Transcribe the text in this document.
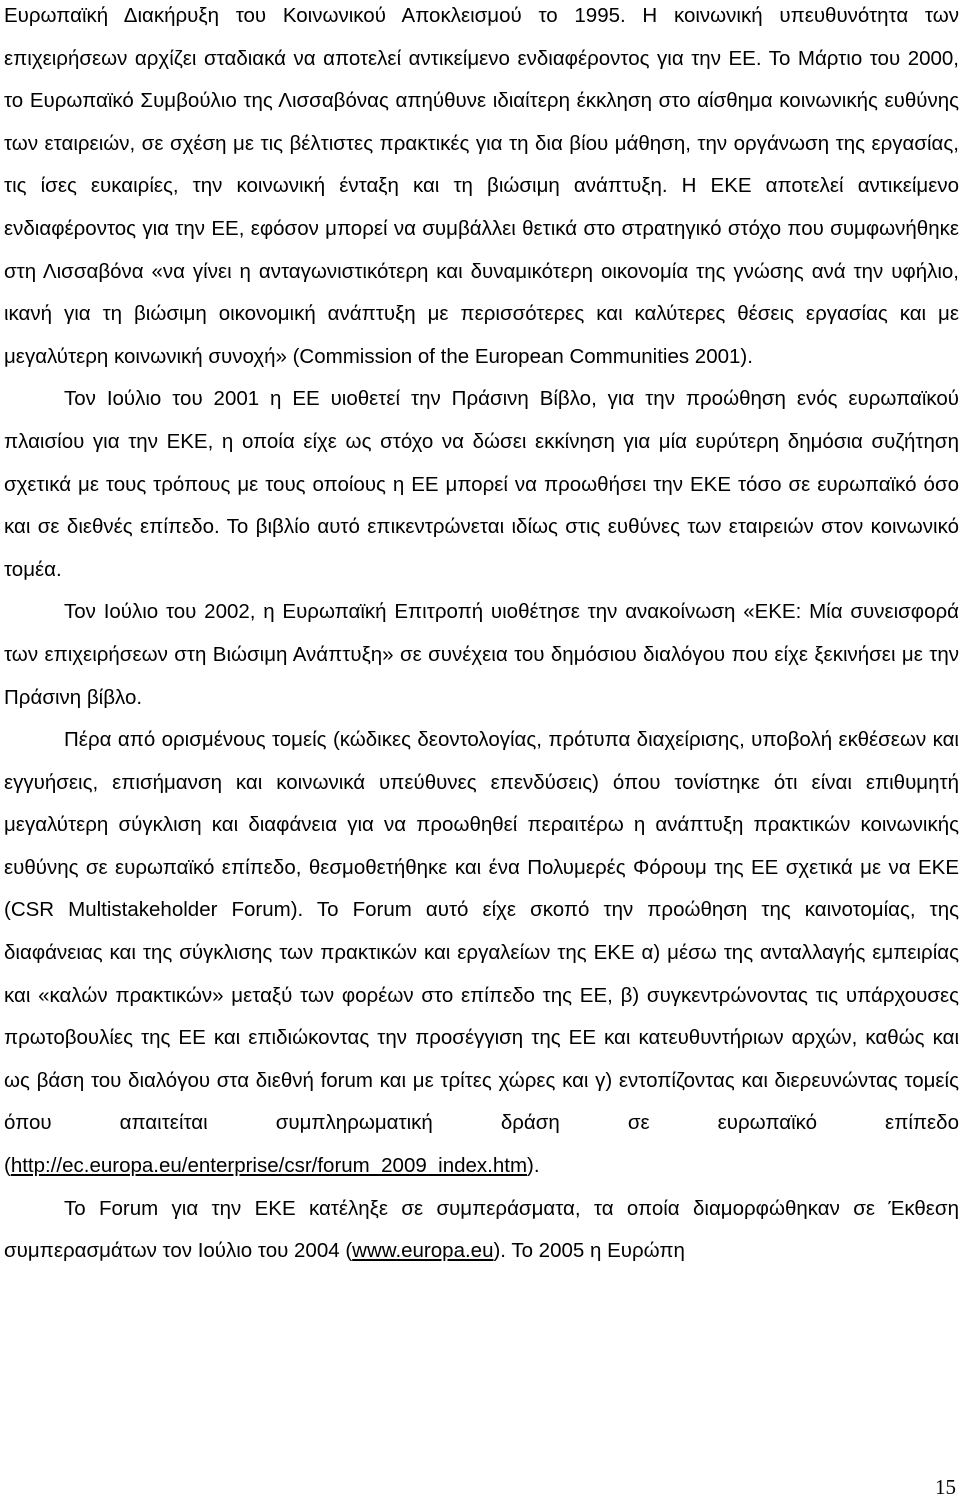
Ευρωπαϊκή Διακήρυξη του Κοινωνικού Αποκλεισμού το 1995. Η κοινωνική υπευθυνότητα των επιχειρήσεων αρχίζει σταδιακά να αποτελεί αντικείμενο ενδιαφέροντος για την ΕΕ. Το Μάρτιο του 2000, το Ευρωπαϊκό Συμβούλιο της Λισσαβόνας απηύθυνε ιδιαίτερη έκκληση στο αίσθημα κοινωνικής ευθύνης των εταιρειών, σε σχέση με τις βέλτιστες πρακτικές για τη δια βίου μάθηση, την οργάνωση της εργασίας, τις ίσες ευκαιρίες, την κοινωνική ένταξη και τη βιώσιμη ανάπτυξη. Η ΕΚΕ αποτελεί αντικείμενο ενδιαφέροντος για την ΕΕ, εφόσον μπορεί να συμβάλλει θετικά στο στρατηγικό στόχο που συμφωνήθηκε στη Λισσαβόνα «να γίνει η ανταγωνιστικότερη και δυναμικότερη οικονομία της γνώσης ανά την υφήλιο, ικανή για τη βιώσιμη οικονομική ανάπτυξη με περισσότερες και καλύτερες θέσεις εργασίας και με μεγαλύτερη κοινωνική συνοχή» (Commission of the European Communities 2001).

Τον Ιούλιο του 2001 η ΕΕ υιοθετεί την Πράσινη Βίβλο, για την προώθηση ενός ευρωπαϊκού πλαισίου για την ΕΚΕ, η οποία είχε ως στόχο να δώσει εκκίνηση για μία ευρύτερη δημόσια συζήτηση σχετικά με τους τρόπους με τους οποίους η ΕΕ μπορεί να προωθήσει την ΕΚΕ τόσο σε ευρωπαϊκό όσο και σε διεθνές επίπεδο. Το βιβλίο αυτό επικεντρώνεται ιδίως στις ευθύνες των εταιρειών στον κοινωνικό τομέα.

Τον Ιούλιο του 2002, η Ευρωπαϊκή Επιτροπή υιοθέτησε την ανακοίνωση «ΕΚΕ: Μία συνεισφορά των επιχειρήσεων στη Βιώσιμη Ανάπτυξη» σε συνέχεια του δημόσιου διαλόγου που είχε ξεκινήσει με την Πράσινη βίβλο.

Πέρα από ορισμένους τομείς (κώδικες δεοντολογίας, πρότυπα διαχείρισης, υποβολή εκθέσεων και εγγυήσεις, επισήμανση και κοινωνικά υπεύθυνες επενδύσεις) όπου τονίστηκε ότι είναι επιθυμητή μεγαλύτερη σύγκλιση και διαφάνεια για να προωθηθεί περαιτέρω η ανάπτυξη πρακτικών κοινωνικής ευθύνης σε ευρωπαϊκό επίπεδο, θεσμοθετήθηκε και ένα Πολυμερές Φόρουμ της ΕΕ σχετικά με να ΕΚΕ (CSR Multistakeholder Forum). Το Forum αυτό είχε σκοπό την προώθηση της καινοτομίας, της διαφάνειας και της σύγκλισης των πρακτικών και εργαλείων της ΕΚΕ α) μέσω της ανταλλαγής εμπειρίας και «καλών πρακτικών» μεταξύ των φορέων στο επίπεδο της ΕΕ, β) συγκεντρώνοντας τις υπάρχουσες πρωτοβουλίες της ΕΕ και επιδιώκοντας την προσέγγιση της ΕΕ και κατευθυντήριων αρχών, καθώς και ως βάση του διαλόγου στα διεθνή forum και με τρίτες χώρες και γ) εντοπίζοντας και διερευνώντας τομείς όπου απαιτείται συμπληρωματική δράση σε ευρωπαϊκό επίπεδο (http://ec.europa.eu/enterprise/csr/forum_2009_index.htm).

Το Forum για την ΕΚΕ κατέληξε σε συμπεράσματα, τα οποία διαμορφώθηκαν σε Έκθεση συμπερασμάτων τον Ιούλιο του 2004 (www.europa.eu). Το 2005 η Ευρώπη

15
